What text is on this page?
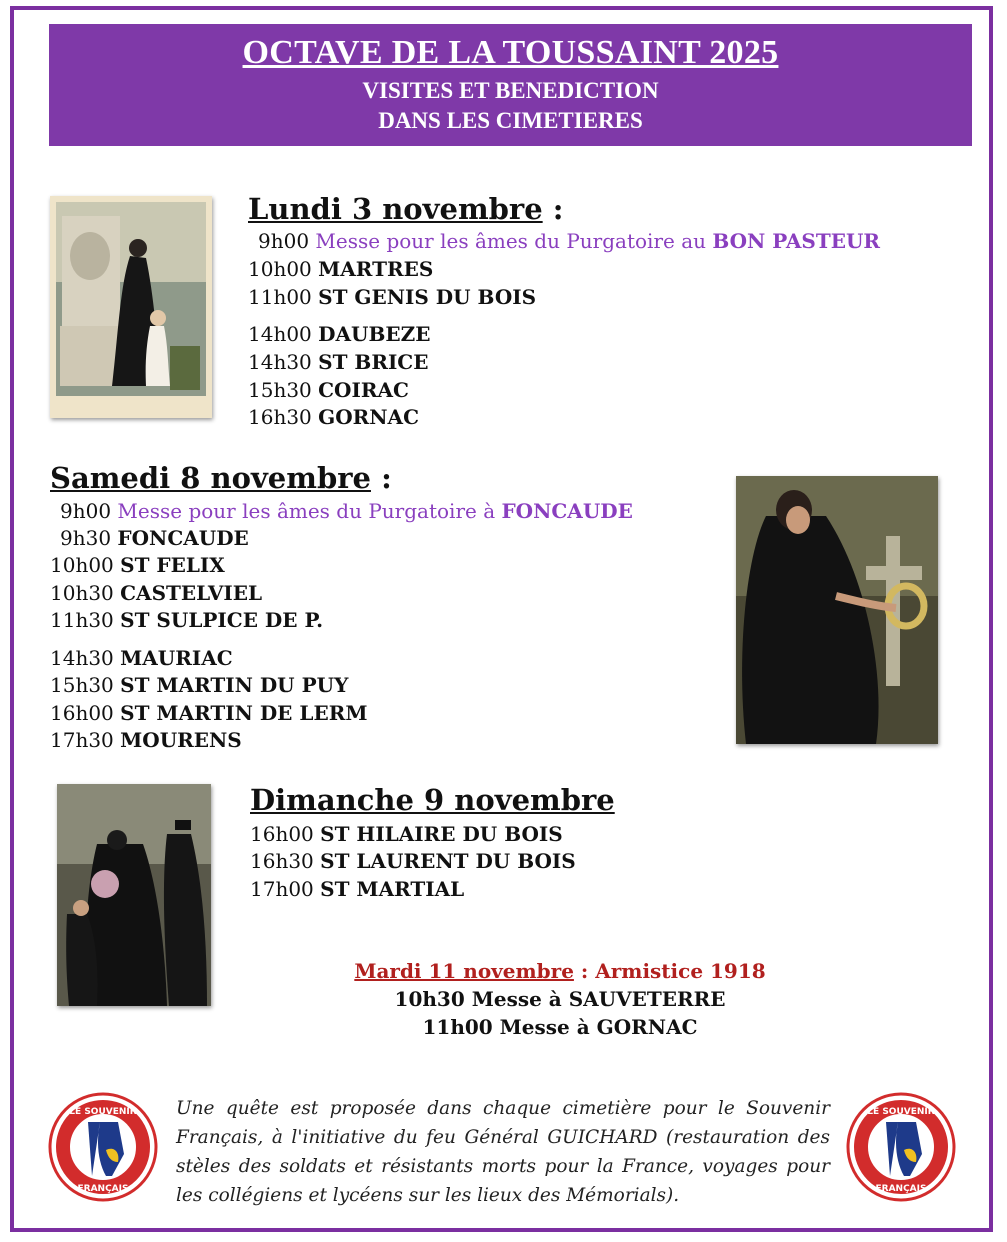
OCTAVE DE LA TOUSSAINT 2025
VISITES ET BENEDICTION
DANS LES CIMETIERES
Lundi 3 novembre :
9h00 Messe pour les âmes du Purgatoire au BON PASTEUR
10h00 MARTRES
11h00 ST GENIS DU BOIS
14h00 DAUBEZE
14h30 ST BRICE
15h30 COIRAC
16h30 GORNAC
Samedi 8 novembre :
9h00 Messe pour les âmes du Purgatoire à FONCAUDE
9h30 FONCAUDE
10h00 ST FELIX
10h30 CASTELVIEL
11h30 ST SULPICE DE P.
14h30 MAURIAC
15h30 ST MARTIN DU PUY
16h00 ST MARTIN DE LERM
17h30 MOURENS
Dimanche 9 novembre
16h00 ST HILAIRE DU BOIS
16h30 ST LAURENT DU BOIS
17h00 ST MARTIAL
Mardi 11 novembre : Armistice 1918
10h30 Messe à SAUVETERRE
11h00 Messe à GORNAC
LE SOUVENIR
FRANÇAIS
LE SOUVENIR
FRANÇAIS
Une quête est proposée dans chaque cimetière pour le Souvenir Français, à l'initiative du feu Général GUICHARD (restauration des stèles des soldats et résistants morts pour la France, voyages pour les collégiens et lycéens sur les lieux des Mémorials).
